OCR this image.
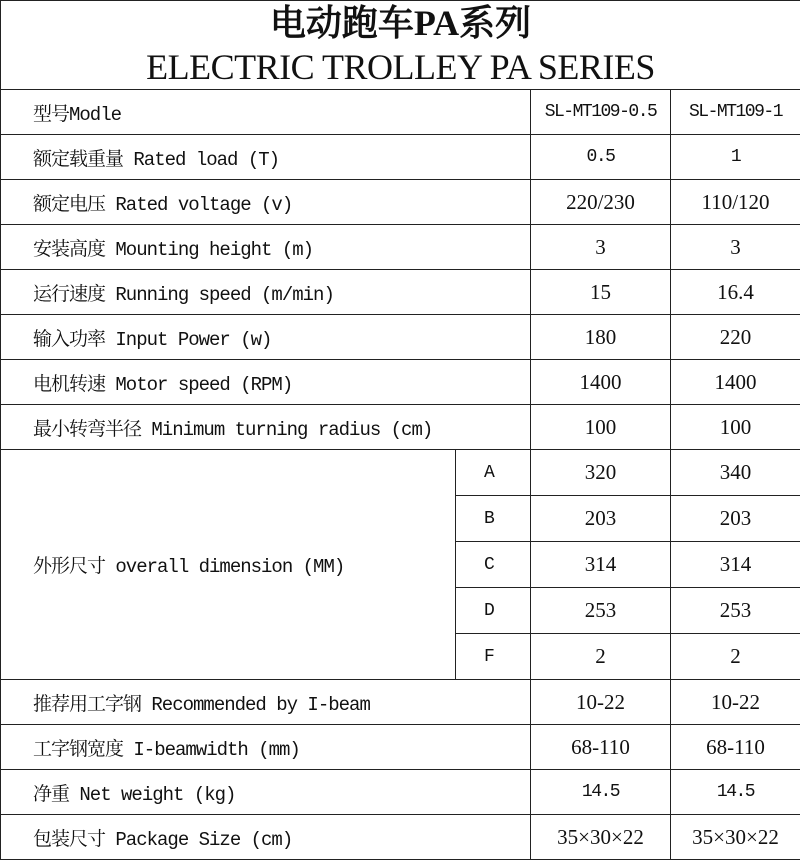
电动跑车PA系列			
ELECTRIC TROLLEY PA SERIES			
型号Modle		SL-MT109-0.5	SL-MT109-1
额定载重量 Rated load (T)		0.5	1
额定电压 Rated voltage (v)		220/230	110/120
安装高度 Mounting height (m)		3	3
运行速度 Running speed (m/min)		15	16.4
输入功率 Input Power (w)		180	220
电机转速 Motor speed (RPM)		1400	1400
最小转弯半径 Minimum turning radius (cm)		100	100
外形尺寸 overall dimension (MM)	A	320	340
	B	203	203
	C	314	314
	D	253	253
	F	2	2
推荐用工字钢 Recommended by I-beam		10-22	10-22
工字钢宽度 I-beamwidth (mm)		68-110	68-110
净重 Net weight (kg)		14.5	14.5
包装尺寸 Package Size (cm)		35×30×22	35×30×22
